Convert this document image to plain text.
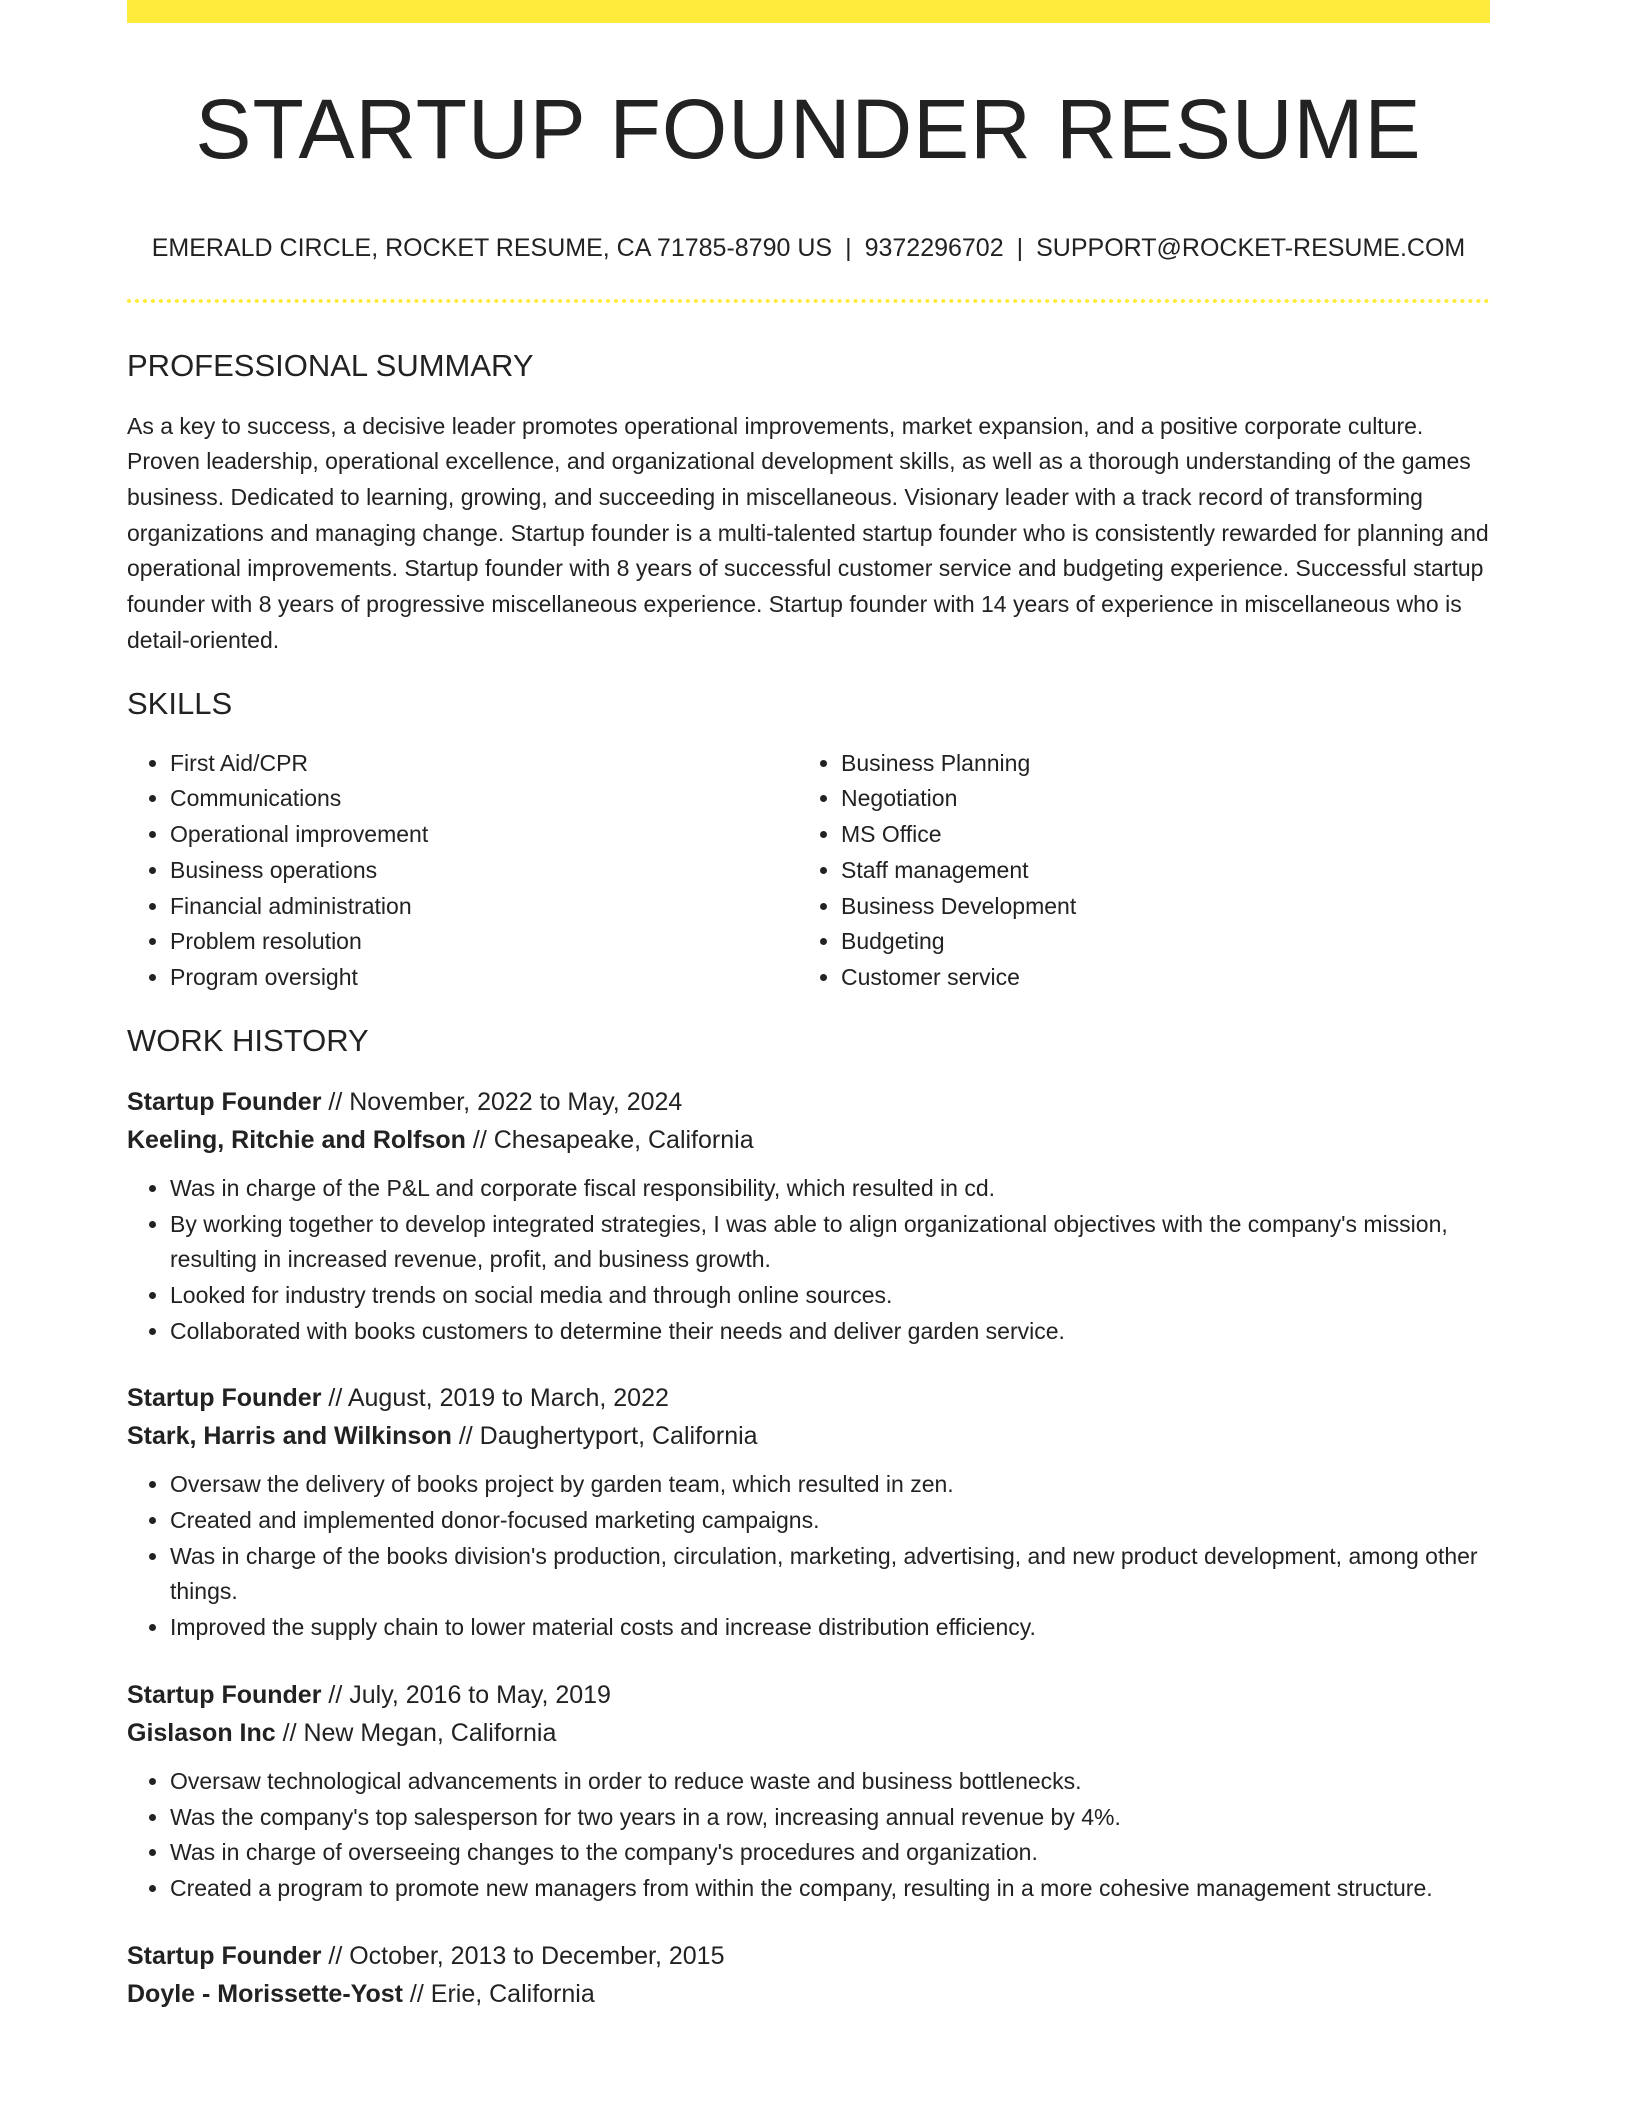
STARTUP FOUNDER RESUME
EMERALD CIRCLE, ROCKET RESUME, CA 71785-8790 US | 9372296702 | SUPPORT@ROCKET-RESUME.COM
PROFESSIONAL SUMMARY

As a key to success, a decisive leader promotes operational improvements, market expansion, and a positive corporate culture. Proven leadership, operational excellence, and organizational development skills, as well as a thorough understanding of the games business. Dedicated to learning, growing, and succeeding in miscellaneous. Visionary leader with a track record of transforming organizations and managing change. Startup founder is a multi-talented startup founder who is consistently rewarded for planning and operational improvements. Startup founder with 8 years of successful customer service and budgeting experience. Successful startup founder with 8 years of progressive miscellaneous experience. Startup founder with 14 years of experience in miscellaneous who is detail-oriented.

SKILLS
• First Aid/CPR
• Communications
• Operational improvement
• Business operations
• Financial administration
• Problem resolution
• Program oversight
• Business Planning
• Negotiation
• MS Office
• Staff management
• Business Development
• Budgeting
• Customer service
WORK HISTORY
Startup Founder // November, 2022 to May, 2024
Keeling, Ritchie and Rolfson // Chesapeake, California
• Was in charge of the P&L and corporate fiscal responsibility, which resulted in cd.
• By working together to develop integrated strategies, I was able to align organizational objectives with the company's mission, resulting in increased revenue, profit, and business growth.
• Looked for industry trends on social media and through online sources.
• Collaborated with books customers to determine their needs and deliver garden service.
Startup Founder // August, 2019 to March, 2022
Stark, Harris and Wilkinson // Daughertyport, California
• Oversaw the delivery of books project by garden team, which resulted in zen.
• Created and implemented donor-focused marketing campaigns.
• Was in charge of the books division's production, circulation, marketing, advertising, and new product development, among other things.
• Improved the supply chain to lower material costs and increase distribution efficiency.
Startup Founder // July, 2016 to May, 2019
Gislason Inc // New Megan, California
• Oversaw technological advancements in order to reduce waste and business bottlenecks.
• Was the company's top salesperson for two years in a row, increasing annual revenue by 4%.
• Was in charge of overseeing changes to the company's procedures and organization.
• Created a program to promote new managers from within the company, resulting in a more cohesive management structure.
Startup Founder // October, 2013 to December, 2015
Doyle - Morissette-Yost // Erie, California
